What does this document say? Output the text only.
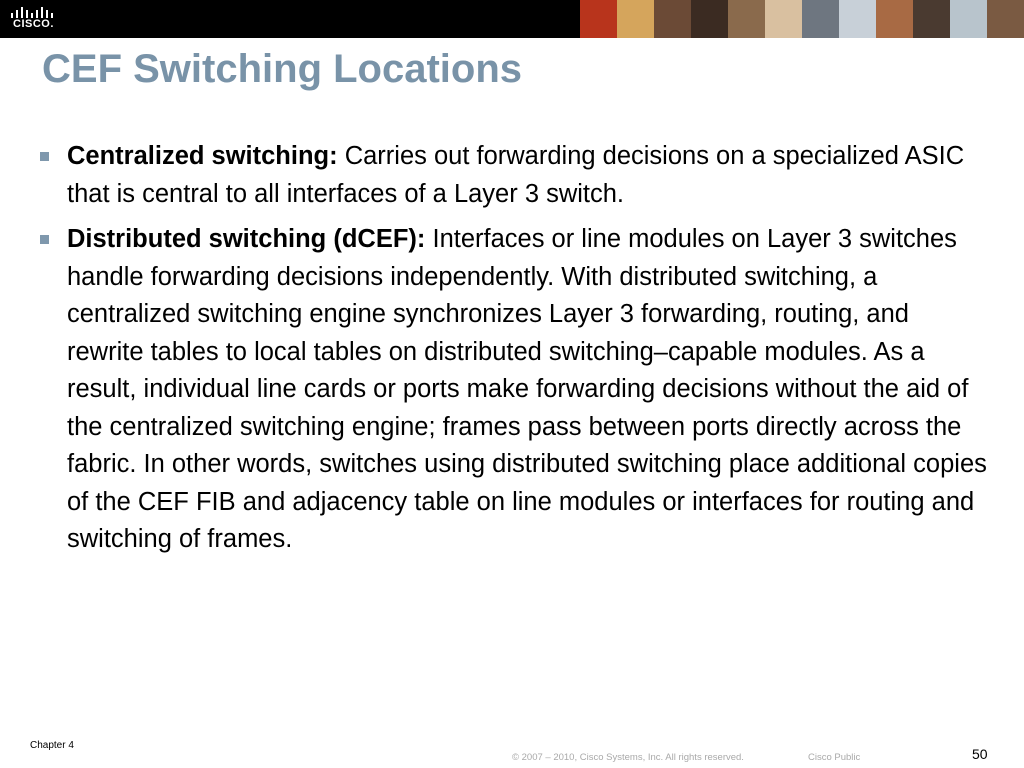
CISCO.
CEF Switching Locations
Centralized switching: Carries out forwarding decisions on a specialized ASIC that is central to all interfaces of a Layer 3 switch.
Distributed switching (dCEF): Interfaces or line modules on Layer 3 switches handle forwarding decisions independently. With distributed switching, a centralized switching engine synchronizes Layer 3 forwarding, routing, and rewrite tables to local tables on distributed switching–capable modules. As a result, individual line cards or ports make forwarding decisions without the aid of the centralized switching engine; frames pass between ports directly across the fabric. In other words, switches using distributed switching place additional copies of the CEF FIB and adjacency table on line modules or interfaces for routing and switching of frames.
Chapter 4
© 2007 – 2010, Cisco Systems, Inc. All rights reserved.	Cisco Public	50
